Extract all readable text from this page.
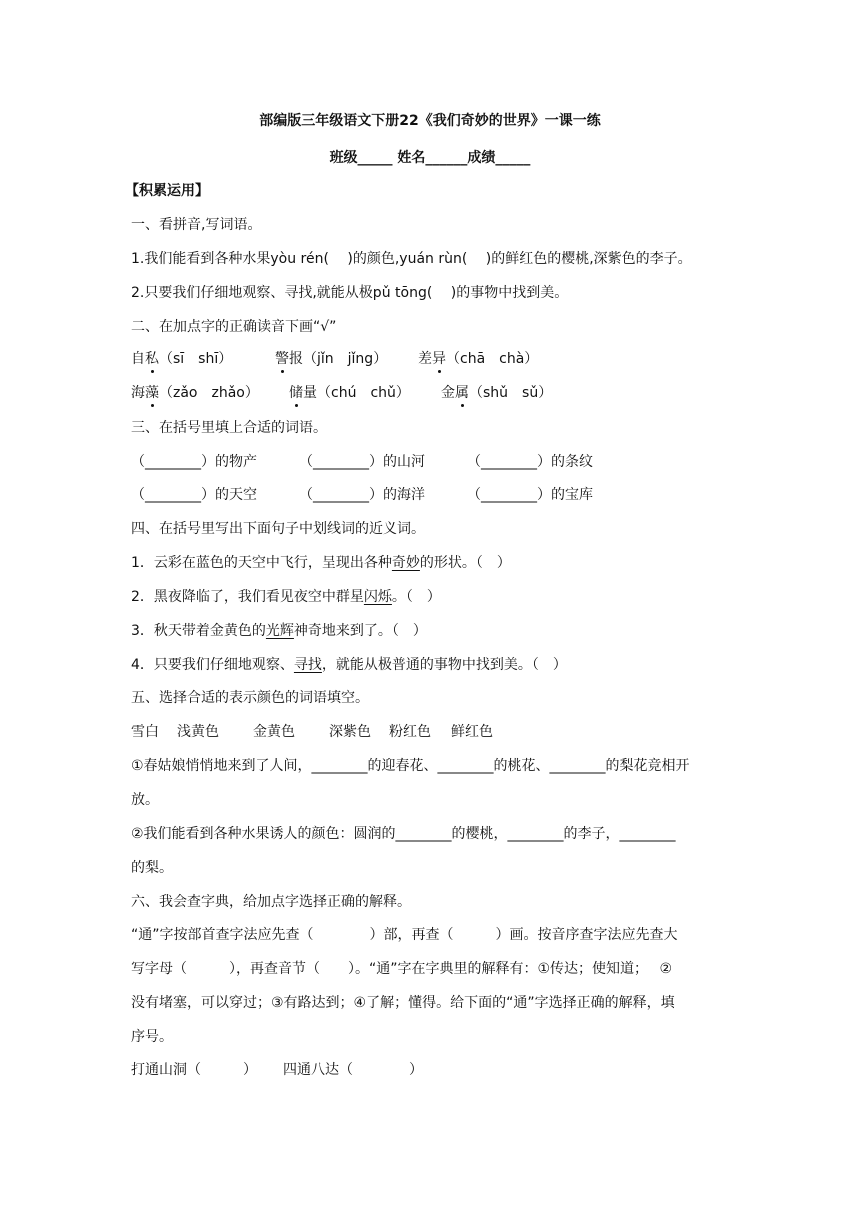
部编版三年级语文下册22《我们奇妙的世界》一课一练
班级_____ 姓名______成绩_____
【积累运用】
一、看拼音,写词语。
1.我们能看到各种水果yòu rén(　 )的颜色,yuán rùn(　 )的鲜红色的樱桃,深紫色的李子。
2.只要我们仔细地观察、寻找,就能从极pǔ tōng(　 )的事物中找到美。
二、在加点字的正确读音下画“√”
自私（sī　shī）	警报（jǐn　jǐng） 差异（chā　chà）
海藻（zǎo　zhǎo） 储量（chú　chǔ） 金属（shǔ　sǔ）
三、在括号里填上合适的词语。
（________）的物产	（________）的山河	（________）的条纹
（________）的天空	（________）的海洋	（________）的宝库
四、在括号里写出下面句子中划线词的近义词。
1．云彩在蓝色的天空中飞行，呈现出各种奇妙的形状。（　）
2．黑夜降临了，我们看见夜空中群星闪烁。（　）
3．秋天带着金黄色的光辉神奇地来到了。（　）
4．只要我们仔细地观察、寻找，就能从极普通的事物中找到美。（　）
五、选择合适的表示颜色的词语填空。
雪白 浅黄色 金黄色 深紫色 粉红色 鲜红色
①春姑娘悄悄地来到了人间，________的迎春花、________的桃花、________的梨花竞相开
放。
②我们能看到各种水果诱人的颜色：圆润的________的樱桃，________的李子，________
的梨。
六、我会查字典，给加点字选择正确的解释。
“通”字按部首查字法应先查（　　　　）部，再查（　　　）画。按音序查字法应先查大
写字母（　　　），再查音节（　　）。“通”字在字典里的解释有：①传达；使知道；　 ②
没有堵塞，可以穿过；③有路达到；④了解；懂得。给下面的“通”字选择正确的解释，填
序号。
打通山洞（　　　） 四通八达（　　　　）
